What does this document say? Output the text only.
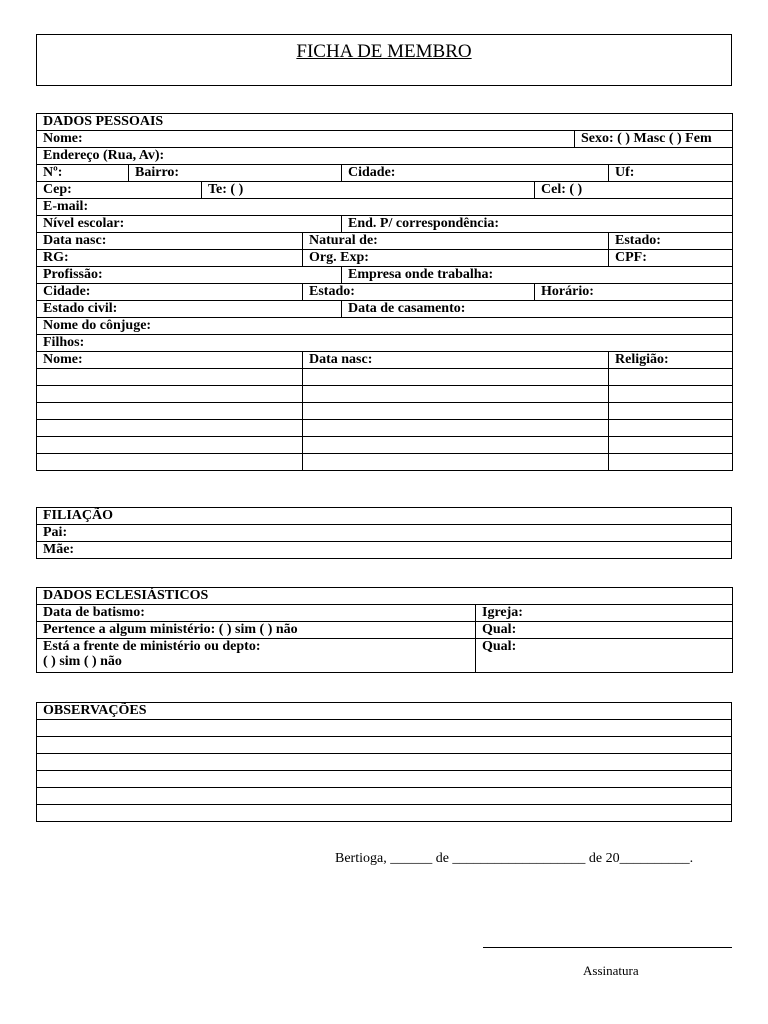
FICHA DE MEMBRO
DADOS PESSOAIS							
Nome:						Sexo: ( ) Masc ( ) Fem	
Endereço (Rua, Av):							
Nº:	Bairro:			Cidade:			Uf:
Cep:		Te: ( )			Cel: ( )		
E-mail:							
Nível escolar:				End. P/ correspondência:			
Data nasc:			Natural de:				Estado:
RG:			Org. Exp:				CPF:
Profissão:				Empresa onde trabalha:			
Cidade:			Estado:		Horário:		
Estado civil:				Data de casamento:			
Nome do cônjuge:							
Filhos:							
Nome:			Data nasc:				Religião:

FILIAÇÃO
Pai:
Mãe:
DADOS ECLESIÁSTICOS	
Data de batismo:	Igreja:
Pertence a algum ministério: ( ) sim ( ) não	Qual:
Está a frente de ministério ou depto:
( ) sim ( ) não	Qual:
OBSERVAÇÕES

Bertioga, ______ de ___________________ de 20__________.
Assinatura
